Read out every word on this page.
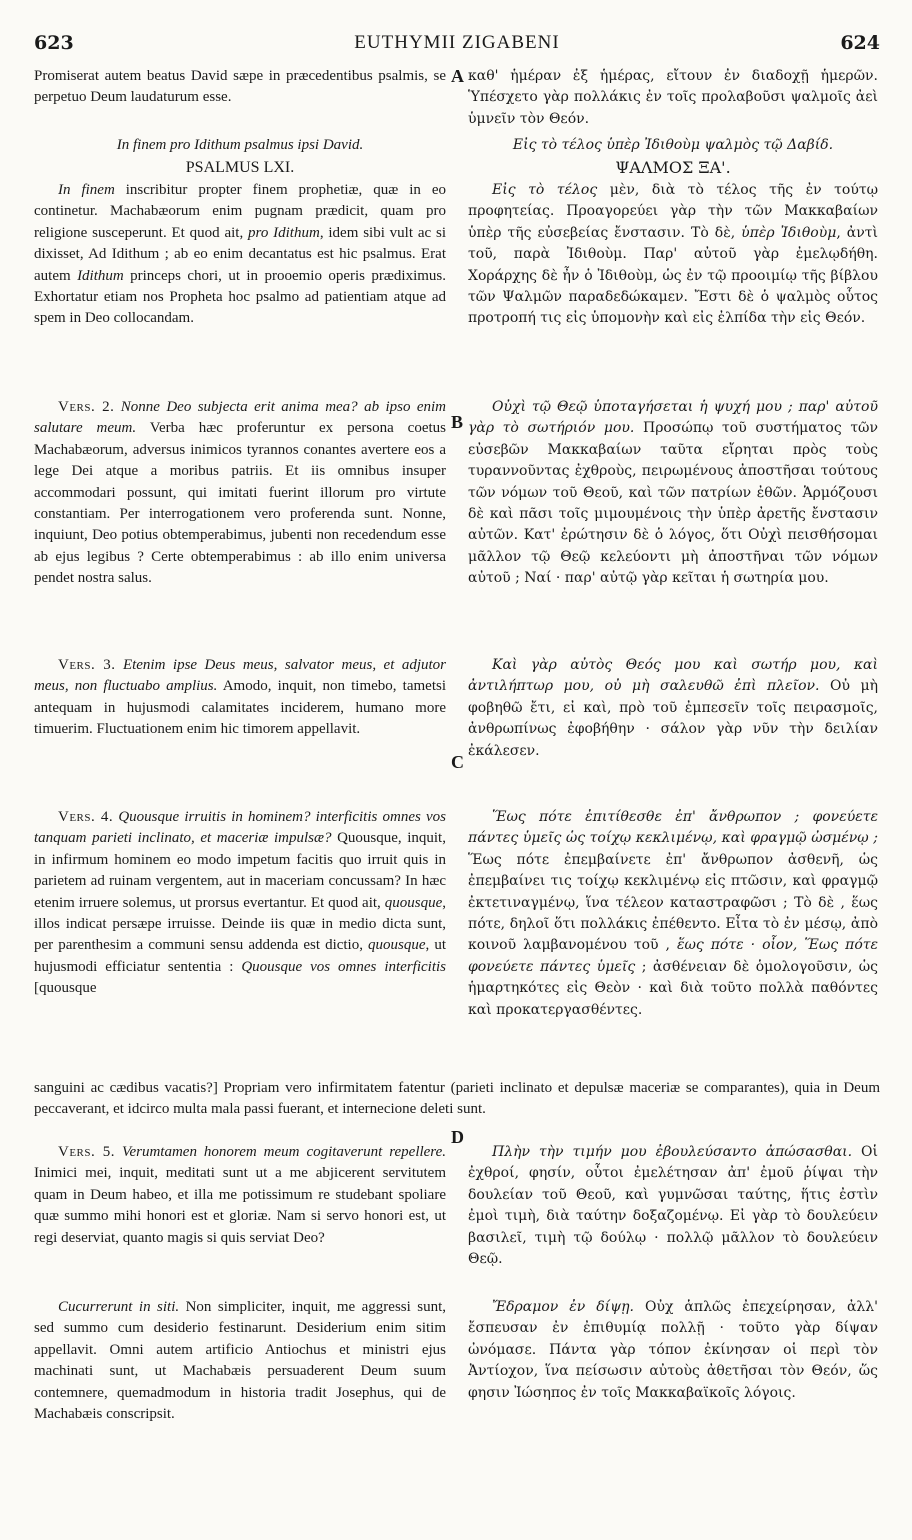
623	EUTHYMII ZIGABENI	624
A
B
C
D

Promiserat autem beatus David sæpe in præcedentibus psalmis, se perpetuo Deum laudaturum esse.

In finem pro Idithum psalmus ipsi David.
PSALMUS LXI.

In finem inscribitur propter finem prophetiæ, quæ in eo continetur. Machabæorum enim pugnam prædicit, quam pro religione susceperunt. Et quod ait, pro Idithum, idem sibi vult ac si dixisset, Ad Idithum ; ab eo enim decantatus est hic psalmus. Erat autem Idithum princeps chori, ut in prooemio operis prædiximus. Exhortatur etiam nos Propheta hoc psalmo ad patientiam atque ad spem in Deo collocandam.

Vers. 2. Nonne Deo subjecta erit anima mea? ab ipso enim salutare meum. Verba hæc proferuntur ex persona coetus Machabæorum, adversus inimicos tyrannos conantes avertere eos a lege Dei atque a moribus patriis. Et iis omnibus insuper accommodari possunt, qui imitati fuerint illorum pro virtute constantiam. Per interrogationem vero proferenda sunt. Nonne, inquiunt, Deo potius obtemperabimus, jubenti non recedendum esse ab ejus legibus ? Certe obtemperabimus : ab illo enim universa pendet nostra salus.

Vers. 3. Etenim ipse Deus meus, salvator meus, et adjutor meus, non fluctuabo amplius. Amodo, inquit, non timebo, tametsi antequam in hujusmodi calamitates inciderem, humano more timuerim. Fluctuationem enim hic timorem appellavit.

Vers. 4. Quousque irruitis in hominem? interficitis omnes vos tanquam parieti inclinato, et maceriæ impulsæ? Quousque, inquit, in infirmum hominem eo modo impetum facitis quo irruit quis in parietem ad ruinam vergentem, aut in maceriam concussam? In hæc etenim irruere solemus, ut prorsus evertantur. Et quod ait, quousque, illos indicat persæpe irruisse. Deinde iis quæ in medio dicta sunt, per parenthesim a communi sensu addenda est dictio, quousque, ut hujusmodi efficiatur sententia : Quousque vos omnes interficitis [quousque

sanguini ac cædibus vacatis?] Propriam vero infirmitatem fatentur (parieti inclinato et depulsæ maceriæ se comparantes), quia in Deum peccaverant, et idcirco multa mala passi fuerant, et internecione deleti sunt.

Vers. 5. Verumtamen honorem meum cogitaverunt repellere. Inimici mei, inquit, meditati sunt ut a me abjicerent servitutem quam in Deum habeo, et illa me potissimum re studebant spoliare quæ summo mihi honori est et gloriæ. Nam si servo honori est, ut regi deserviat, quanto magis si quis serviat Deo?

Cucurrerunt in siti. Non simpliciter, inquit, me aggressi sunt, sed summo cum desiderio festinarunt. Desiderium enim sitim appellavit. Omni autem artificio Antiochus et ministri ejus machinati sunt, ut Machabæis persuaderent Deum suum contemnere, quemadmodum in historia tradit Josephus, qui de Machabæis conscripsit.

καθ' ἡμέραν ἐξ ἡμέρας, εἴτουν ἐν διαδοχῇ ἡμερῶν. Ὑπέσχετο γὰρ πολλάκις ἐν τοῖς προλαβοῦσι ψαλμοῖς ἀεὶ ὑμνεῖν τὸν Θεόν.
Εἰς τὸ τέλος ὑπὲρ Ἰδιθοὺμ ψαλμὸς τῷ Δαβίδ.
ΨΑΛΜΟΣ ΞΑ'.

Εἰς τὸ τέλος μὲν, διὰ τὸ τέλος τῆς ἐν τούτῳ προφητείας. Προαγορεύει γὰρ τὴν τῶν Μακκαβαίων ὑπὲρ τῆς εὐσεβείας ἔνστασιν. Τὸ δὲ, ὑπὲρ Ἰδιθοὺμ, ἀντὶ τοῦ, παρὰ Ἰδιθοὺμ. Παρ' αὐτοῦ γὰρ ἐμελῳδήθη. Χοράρχης δὲ ἦν ὁ Ἰδιθοὺμ, ὡς ἐν τῷ προοιμίῳ τῆς βίβλου τῶν Ψαλμῶν παραδεδώκαμεν. Ἔστι δὲ ὁ ψαλμὸς οὗτος προτροπή τις εἰς ὑπομονὴν καὶ εἰς ἐλπίδα τὴν εἰς Θεόν.

Οὐχὶ τῷ Θεῷ ὑποταγήσεται ἡ ψυχή μου ; παρ' αὐτοῦ γὰρ τὸ σωτήριόν μου. Προσώπῳ τοῦ συστήματος τῶν εὐσεβῶν Μακκαβαίων ταῦτα εἴρηται πρὸς τοὺς τυραννοῦντας ἐχθροὺς, πειρωμένους ἀποστῆσαι τούτους τῶν νόμων τοῦ Θεοῦ, καὶ τῶν πατρίων ἐθῶν. Ἁρμόζουσι δὲ καὶ πᾶσι τοῖς μιμουμένοις τὴν ὑπὲρ ἀρετῆς ἔνστασιν αὐτῶν. Κατ' ἐρώτησιν δὲ ὁ λόγος, ὅτι Οὐχὶ πεισθήσομαι μᾶλλον τῷ Θεῷ κελεύοντι μὴ ἀποστῆναι τῶν νόμων αὐτοῦ ; Ναί · παρ' αὐτῷ γὰρ κεῖται ἡ σωτηρία μου.

Καὶ γὰρ αὐτὸς Θεός μου καὶ σωτήρ μου, καὶ ἀντιλήπτωρ μου, οὐ μὴ σαλευθῶ ἐπὶ πλεῖον. Οὐ μὴ φοβηθῶ ἔτι, εἰ καὶ, πρὸ τοῦ ἐμπεσεῖν τοῖς πειρασμοῖς, ἀνθρωπίνως ἐφοβήθην · σάλον γὰρ νῦν τὴν δειλίαν ἐκάλεσεν.

Ἕως πότε ἐπιτίθεσθε ἐπ' ἄνθρωπον ; φονεύετε πάντες ὑμεῖς ὡς τοίχῳ κεκλιμένῳ, καὶ φραγμῷ ὠσμένῳ ; Ἕως πότε ἐπεμβαίνετε ἐπ' ἄνθρωπον ἀσθενῆ, ὡς ἐπεμβαίνει τις τοίχῳ κεκλιμένῳ εἰς πτῶσιν, καὶ φραγμῷ ἐκτετιναγμένῳ, ἵνα τέλεον καταστραφῶσι ; Τὸ δὲ , ἕως πότε, δηλοῖ ὅτι πολλάκις ἐπέθεντο. Εἶτα τὸ ἐν μέσῳ, ἀπὸ κοινοῦ λαμβανομένου τοῦ , ἕως πότε · οἷον, Ἕως πότε φονεύετε πάντες ὑμεῖς ; ἀσθένειαν δὲ ὁμολογοῦσιν, ὡς ἡμαρτηκότες εἰς Θεὸν · καὶ διὰ τοῦτο πολλὰ παθόντες καὶ προκατεργασθέντες.

Πλὴν τὴν τιμήν μου ἐβουλεύσαντο ἀπώσασθαι. Οἱ ἐχθροί, φησίν, οὗτοι ἐμελέτησαν ἀπ' ἐμοῦ ῥίψαι τὴν δουλείαν τοῦ Θεοῦ, καὶ γυμνῶσαι ταύτης, ἥτις ἐστὶν ἐμοὶ τιμὴ, διὰ ταύτην δοξαζομένῳ. Εἰ γὰρ τὸ δουλεύειν βασιλεῖ, τιμὴ τῷ δούλῳ · πολλῷ μᾶλλον τὸ δουλεύειν Θεῷ.

Ἔδραμον ἐν δίψῃ. Οὐχ ἁπλῶς ἐπεχείρησαν, ἀλλ' ἔσπευσαν ἐν ἐπιθυμίᾳ πολλῇ · τοῦτο γὰρ δίψαν ὠνόμασε. Πάντα γὰρ τόπον ἐκίνησαν οἱ περὶ τὸν Ἀντίοχον, ἵνα πείσωσιν αὐτοὺς ἀθετῆσαι τὸν Θεόν, ὥς φησιν Ἰώσηπος ἐν τοῖς Μακκαβαϊκοῖς λόγοις.
